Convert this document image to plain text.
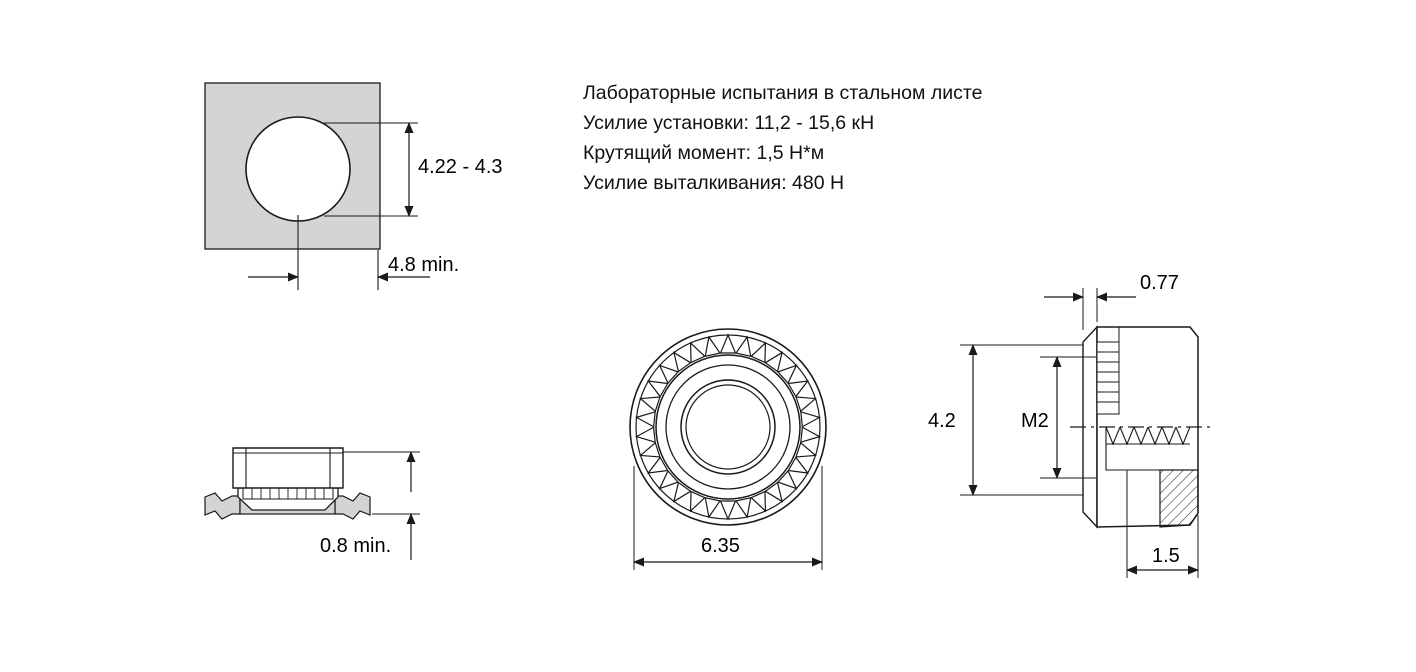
Лабораторные испытания в стальном листе
Усилие установки: 11,2 - 15,6 кН
Крутящий момент: 1,5 Н*м
Усилие выталкивания: 480 Н
4.22 - 4.3
4.8 min.
0.8 min.	6.35
4.2	M2
0.77
1.5
